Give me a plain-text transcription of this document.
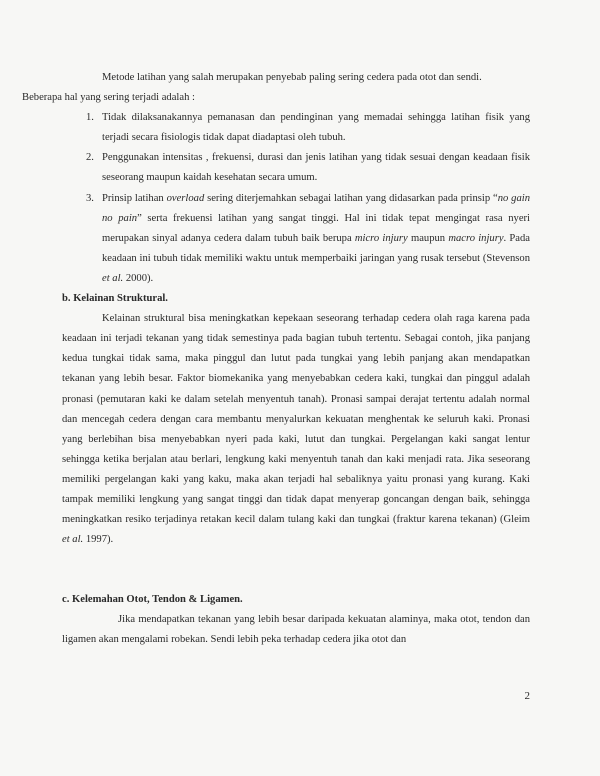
Metode latihan yang salah merupakan penyebab paling sering cedera pada otot dan sendi.
Beberapa hal yang sering terjadi adalah :

1. Tidak dilaksanakannya pemanasan dan pendinginan yang memadai sehingga latihan fisik yang terjadi secara fisiologis tidak dapat diadaptasi oleh tubuh.
2. Penggunakan intensitas , frekuensi, durasi dan jenis latihan yang tidak sesuai dengan keadaan fisik seseorang maupun kaidah kesehatan secara umum.
3. Prinsip latihan overload sering diterjemahkan sebagai latihan yang didasarkan pada prinsip “no gain no pain” serta frekuensi latihan yang sangat tinggi. Hal ini tidak tepat mengingat rasa nyeri merupakan sinyal adanya cedera dalam tubuh baik berupa micro injury maupun macro injury. Pada keadaan ini tubuh tidak memiliki waktu untuk memperbaiki jaringan yang rusak tersebut (Stevenson et al. 2000).

b. Kelainan Struktural.

Kelainan struktural bisa meningkatkan kepekaan seseorang terhadap cedera olah raga karena pada keadaan ini terjadi tekanan yang tidak semestinya pada bagian tubuh tertentu. Sebagai contoh, jika panjang kedua tungkai tidak sama, maka pinggul dan lutut pada tungkai yang lebih panjang akan mendapatkan tekanan yang lebih besar. Faktor biomekanika yang menyebabkan cedera kaki, tungkai dan pinggul adalah pronasi (pemutaran kaki ke dalam setelah menyentuh tanah). Pronasi sampai derajat tertentu adalah normal dan mencegah cedera dengan cara membantu menyalurkan kekuatan menghentak ke seluruh kaki. Pronasi yang berlebihan bisa menyebabkan nyeri pada kaki, lutut dan tungkai. Pergelangan kaki sangat lentur sehingga ketika berjalan atau berlari, lengkung kaki menyentuh tanah dan kaki menjadi rata. Jika seseorang memiliki pergelangan kaki yang kaku, maka akan terjadi hal sebaliknya yaitu pronasi yang kurang. Kaki tampak memiliki lengkung yang sangat tinggi dan tidak dapat menyerap goncangan dengan baik, sehingga meningkatkan resiko terjadinya retakan kecil dalam tulang kaki dan tungkai (fraktur karena tekanan) (Gleim et al. 1997).

c. Kelemahan Otot, Tendon & Ligamen.

Jika mendapatkan tekanan yang lebih besar daripada kekuatan alaminya, maka otot, tendon dan ligamen akan mengalami robekan. Sendi lebih peka terhadap cedera jika otot dan

2
